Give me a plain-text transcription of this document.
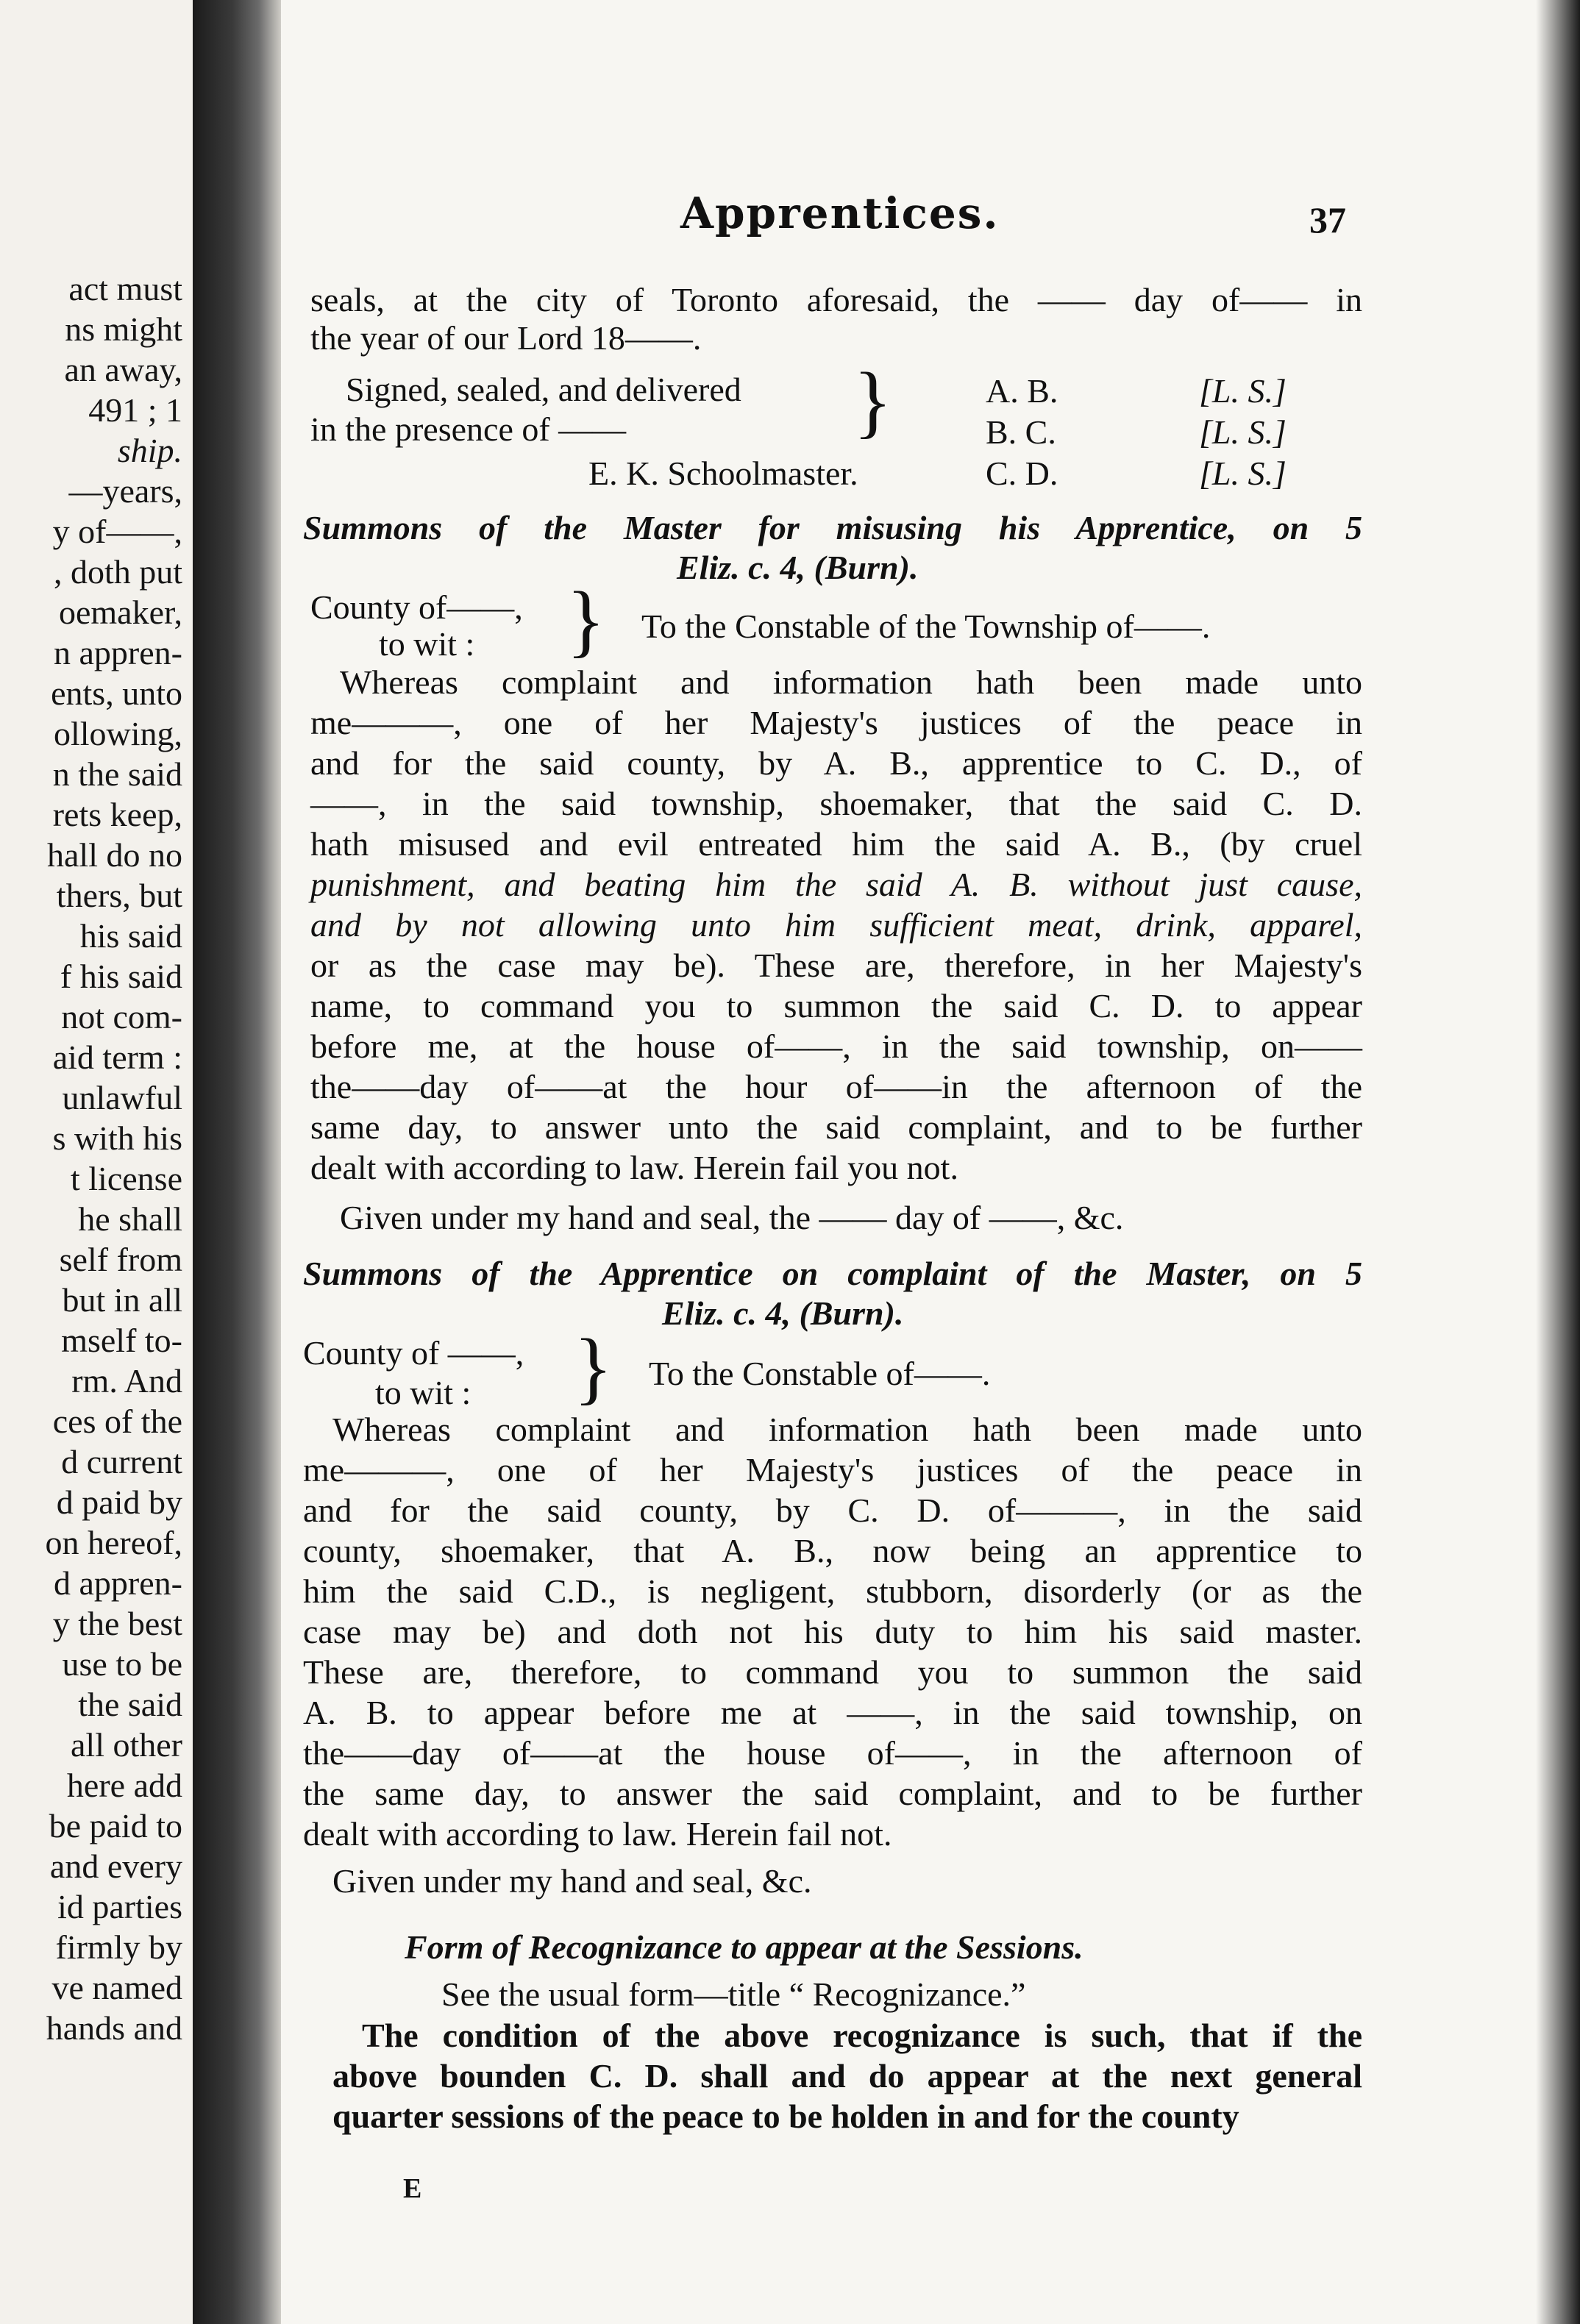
act must
ns might
an away,
491 ; 1
ship.
—years,
y of——,
, doth put
oemaker,
n appren-
ents, unto
ollowing,
n the said
rets keep,
hall do no
thers, but
his said
f his said
not com-
aid term :
unlawful
s with his
t license
he shall
self from
but in all
mself to-
rm. And
ces of the
d current
d paid by
on hereof,
d appren-
y the best
use to be
the said
all other
here add
be paid to
and every
id parties
firmly by
ve named
hands and
Apprentices.	37
seals, at the city of Toronto aforesaid, the —— day of—— in
the year of our Lord 18——.
Signed, sealed, and delivered
in the presence of ——	}
E. K. Schoolmaster.
A. B.
B. C.
C. D.
[L. S.]
[L. S.]
[L. S.]
Summons of the Master for misusing his Apprentice, on 5
Eliz. c. 4, (Burn).
County of——,
to wit : } To the Constable of the Township of——.
Given under my hand and seal, the —— day of ——, &c.
Summons of the Apprentice on complaint of the Master, on 5
Eliz. c. 4, (Burn).
County of ——,
to wit : } To the Constable of——.
Given under my hand and seal, &c.
Form of Recognizance to appear at the Sessions.
See the usual form—title “ Recognizance.”
E
Whereas complaint and information hath been made unto
me———, one of her Majesty's justices of the peace in
and for the said county, by A. B., apprentice to C. D., of
——, in the said township, shoemaker, that the said C. D.
hath misused and evil entreated him the said A. B., (by cruel
punishment, and beating him the said A. B. without just cause,
and by not allowing unto him sufficient meat, drink, apparel,
or as the case may be). These are, therefore, in her Majesty's
name, to command you to summon the said C. D. to appear
before me, at the house of——, in the said township, on——
the——day of——at the hour of——in the afternoon of the
same day, to answer unto the said complaint, and to be further
dealt with according to law. Herein fail you not.
Whereas complaint and information hath been made unto
me———, one of her Majesty's justices of the peace in
and for the said county, by C. D. of———, in the said
county, shoemaker, that A. B., now being an apprentice to
him the said C.D., is negligent, stubborn, disorderly (or as the
case may be) and doth not his duty to him his said master.
These are, therefore, to command you to summon the said
A. B. to appear before me at ——, in the said township, on
the——day of——at the house of——, in the afternoon of
the same day, to answer the said complaint, and to be further
dealt with according to law. Herein fail not.
The condition of the above recognizance is such, that if the
above bounden C. D. shall and do appear at the next general
quarter sessions of the peace to be holden in and for the county
